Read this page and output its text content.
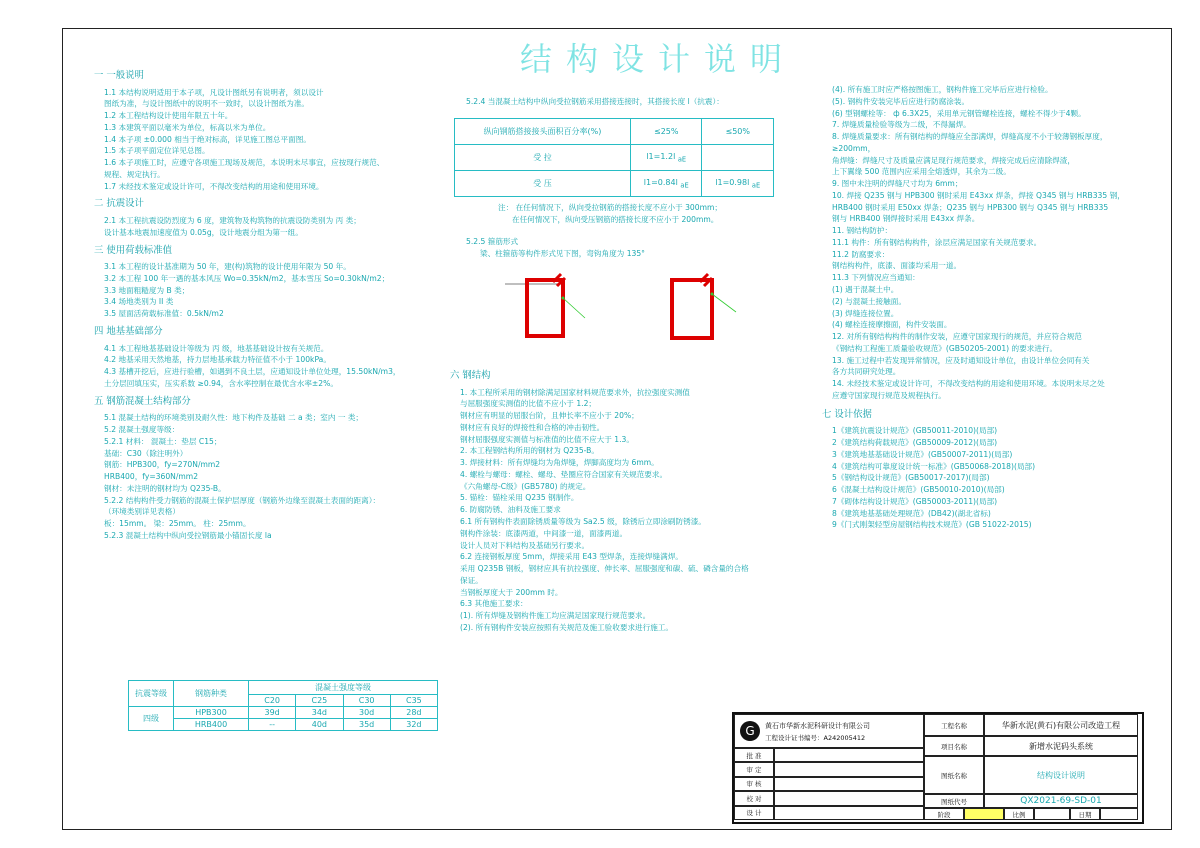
结构设计说明
一 一般说明
1.1 本结构说明适用于本子项，凡设计图纸另有说明者，须以设计
图纸为准，与设计图纸中的说明不一致时，以设计图纸为准。
1.2 本工程结构设计使用年限五十年。
1.3 本建筑平面以毫米为单位，标高以米为单位。
1.4 本子项 ±0.000 相当于绝对标高，详见施工图总平面图。
1.5 本子项平面定位详见总图。
1.6 本子项施工时，应遵守各项施工现场及规范，本说明未尽事宜，应按现行规范、
规程、规定执行。
1.7 未经技术鉴定或设计许可，不得改变结构的用途和使用环境。
二 抗震设计
2.1 本工程抗震设防烈度为 6 度，建筑物及构筑物的抗震设防类别为 丙 类；
设计基本地震加速度值为 0.05g，设计地震分组为第一组。
三 使用荷载标准值
3.1 本工程的设计基准期为 50 年，建(构)筑物的设计使用年限为 50 年。
3.2 本工程 100 年一遇的基本风压 Wo=0.35kN/m2，基本雪压 So=0.30kN/m2；
3.3 地面粗糙度为 B 类；
3.4 场地类别为 II 类
3.5 屋面活荷载标准值：0.5kN/m2
四 地基基础部分
4.1 本工程地基基础设计等级为 丙 级，地基基础设计按有关规范。
4.2 地基采用天然地基，持力层地基承载力特征值不小于 100kPa。
4.3 基槽开挖后，应进行验槽，如遇到不良土层，应通知设计单位处理，15.50kN/m3，
土分层回填压实，压实系数 ≥0.94，含水率控制在最优含水率±2%。
五 钢筋混凝土结构部分
5.1 混凝土结构的环境类别及耐久性：地下构件及基础 二 a 类；室内 一 类；
5.2 混凝土强度等级：
5.2.1 材料： 混凝土：垫层 C15；
基础：C30（除注明外）
钢筋：HPB300，fy=270N/mm2
HRB400，fy=360N/mm2
钢材：未注明的钢材均为 Q235-B。
5.2.2 结构构件受力钢筋的混凝土保护层厚度（钢筋外边缘至混凝土表面的距离）：
（环境类别详见表格）
板：15mm。 梁：25mm。 柱：25mm。
5.2.3 混凝土结构中纵向受拉钢筋最小锚固长度 la
抗震等级	钢筋种类	混凝土强度等级			
		C20	C25	C30	C35
四级	HPB300	39d	34d	30d	28d
	HRB400	--	40d	35d	32d
5.2.4 当混凝土结构中纵向受拉钢筋采用搭接连接时，其搭接长度 l（抗震）：
纵向钢筋搭接接头面积百分率(%)	≤25%	≤50%
受 拉	l1=1.2l $_{aE}$	
受 压	l1=0.84l $_{aE}$	l1=0.98l $_{aE}$
注： 在任何情况下，纵向受拉钢筋的搭接长度不应小于 300mm；
在任何情况下，纵向受压钢筋的搭接长度不应小于 200mm。
5.2.5 箍筋形式
梁、柱箍筋等构件形式见下图，弯钩角度为 135°
六 钢结构
1. 本工程所采用的钢材除满足国家材料规范要求外，抗拉强度实测值
与屈服强度实测值的比值不应小于 1.2；
钢材应有明显的屈服台阶，且伸长率不应小于 20%；
钢材应有良好的焊接性和合格的冲击韧性。
钢材屈服强度实测值与标准值的比值不应大于 1.3。
2. 本工程钢结构所用的钢材为 Q235-B。
3. 焊接材料：所有焊缝均为角焊缝，焊脚高度均为 6mm。
4. 螺栓与螺母：螺栓、螺母、垫圈应符合国家有关规范要求。
《六角螺母-C级》(GB5780) 的规定。
5. 锚栓：锚栓采用 Q235 钢制作。
6. 防腐防锈、油料及施工要求
6.1 所有钢构件表面除锈质量等级为 Sa2.5 级，除锈后立即涂刷防锈漆。
钢构件涂装：底漆两道，中间漆一道，面漆两道。
设计人员对下料结构及基础另行要求。
6.2 连接钢板厚度 5mm，焊接采用 E43 型焊条，连接焊缝满焊。
采用 Q235B 钢板，钢材应具有抗拉强度、伸长率、屈服强度和碳、硫、磷含量的合格保证。
当钢板厚度大于 200mm 时。
6.3 其他施工要求：
(1). 所有焊缝及钢构件施工均应满足国家现行规范要求。
(2). 所有钢构件安装应按照有关规范及施工验收要求进行施工。
(4). 所有施工时应严格按图施工，钢构件施工完毕后应进行检验。
(5). 钢构件安装完毕后应进行防腐涂装。
(6) 型钢螺栓等： ф 6.3X25，采用单元钢管螺栓连接，螺栓不得少于4颗。
7. 焊缝质量检验等级为二级，不得漏焊。
8. 焊缝质量要求：所有钢结构的焊缝应全部满焊，焊缝高度不小于较薄钢板厚度，≥200mm，
角焊缝：焊缝尺寸及质量应满足现行规范要求，焊接完成后应清除焊渣，
上下翼缘 500 范围内应采用全熔透焊，其余为二级。
9. 图中未注明的焊缝尺寸均为 6mm；
10. 焊接 Q235 钢与 HPB300 钢时采用 E43xx 焊条，焊接 Q345 钢与 HRB335 钢，
HRB400 钢时采用 E50xx 焊条；Q235 钢与 HPB300 钢与 Q345 钢与 HRB335
钢与 HRB400 钢焊接时采用 E43xx 焊条。
11. 钢结构防护：
11.1 构件：所有钢结构构件，涂层应满足国家有关规范要求。
11.2 防腐要求：
钢结构构件，底漆、面漆均采用一道。
11.3 下列情况应当通知：
(1) 遇于混凝土中。
(2) 与混凝土接触面。
(3) 焊缝连接位置。
(4) 螺栓连接摩擦面，构件安装面。
12. 对所有钢结构构件的制作安装，应遵守国家现行的规范，并应符合规范
《钢结构工程施工质量验收规范》(GB50205-2001) 的要求进行。
13. 施工过程中若发现异常情况，应及时通知设计单位，由设计单位会同有关
各方共同研究处理。
14. 未经技术鉴定或设计许可，不得改变结构的用途和使用环境。本说明未尽之处
应遵守国家现行规范及规程执行。
七 设计依据
1《建筑抗震设计规范》(GB50011-2010)(局部)
2《建筑结构荷载规范》(GB50009-2012)(局部)
3《建筑地基基础设计规范》(GB50007-2011)(局部)
4《建筑结构可靠度设计统一标准》(GB50068-2018)(局部)
5《钢结构设计规范》(GB50017-2017)(局部)
6《混凝土结构设计规范》(GB50010-2010)(局部)
7《砌体结构设计规范》(GB50003-2011)(局部)
8《建筑地基基础处理规范》(DB42)(湖北省标)
9《门式刚架轻型房屋钢结构技术规范》(GB 51022-2015)
G 黄石市华新水泥科研设计有限公司
工程设计证书编号：A242005412
批 准
审 定
审 核
校 对
设 计
工程名称	华新水泥(黄石)有限公司改造工程
项目名称	新增水泥码头系统
图纸名称	结构设计说明
图纸代号	QX2021-69-SD-01
阶段	比例	日期
